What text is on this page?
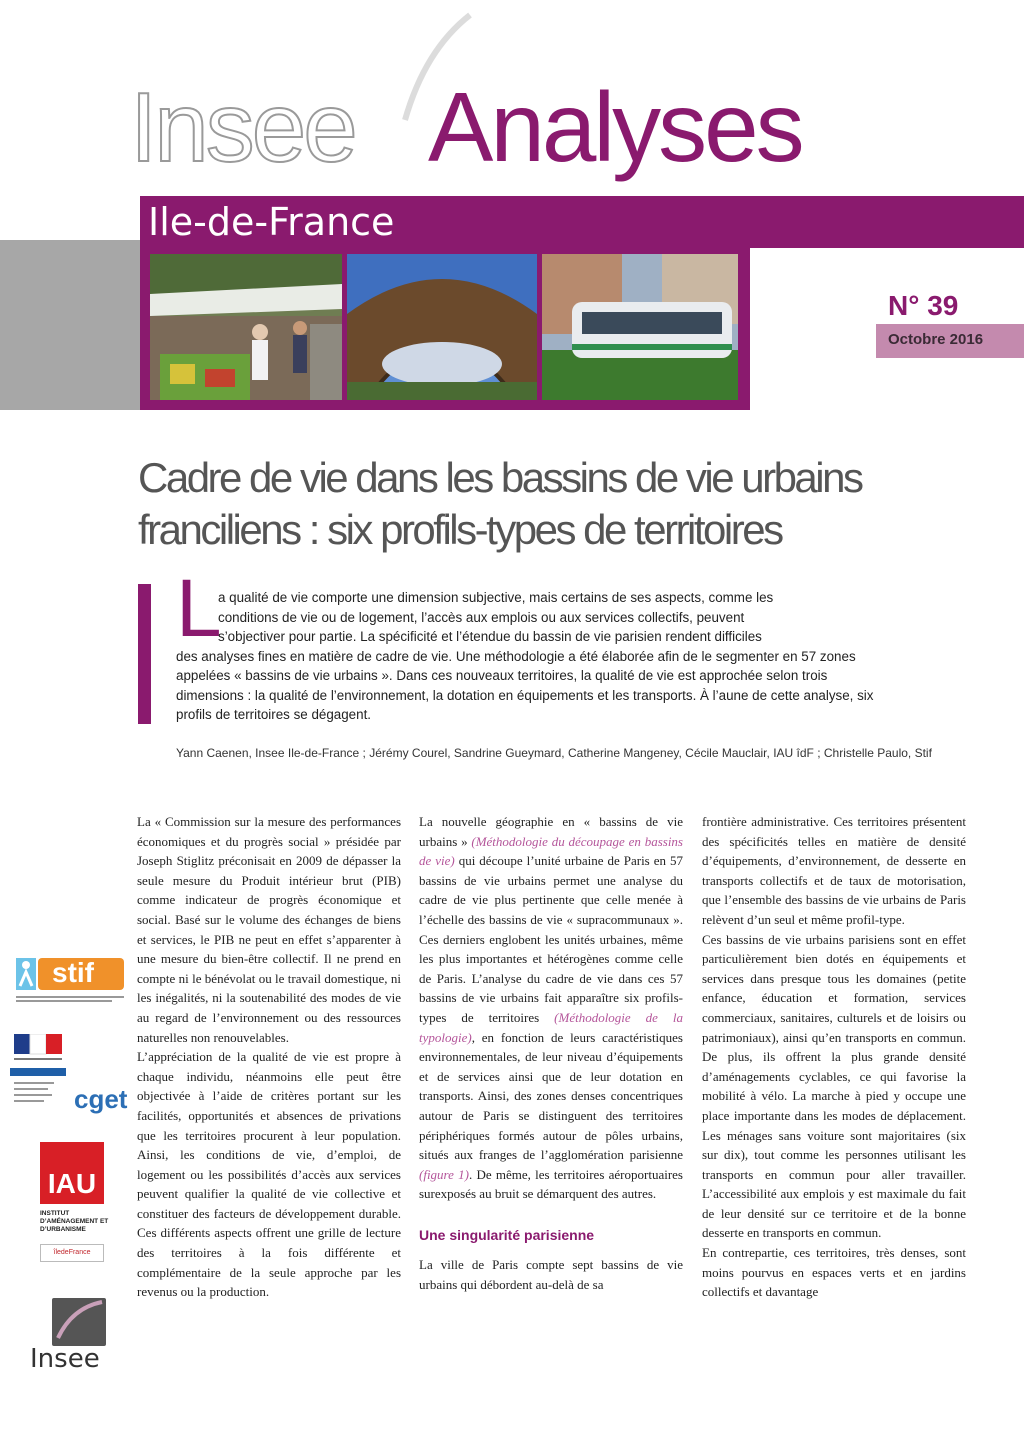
Insee Analyses
Ile-de-France
N° 39
Octobre 2016
Cadre de vie dans les bassins de vie urbains franciliens : six profils-types de territoires
L
a qualité de vie comporte une dimension subjective, mais certains de ses aspects, comme les
conditions de vie ou de logement, l’accès aux emplois ou aux services collectifs, peuvent
s’objectiver pour partie. La spécificité et l’étendue du bassin de vie parisien rendent difficiles
des analyses fines en matière de cadre de vie. Une méthodologie a été élaborée afin de le segmenter en 57 zones appelées « bassins de vie urbains ». Dans ces nouveaux territoires, la qualité de vie est approchée selon trois dimensions : la qualité de l’environnement, la dotation en équipements et les transports. À l’aune de cette analyse, six profils de territoires se dégagent.
Yann Caenen, Insee Ile-de-France ; Jérémy Courel, Sandrine Gueymard, Catherine Mangeney, Cécile Mauclair, IAU îdF ; Christelle Paulo, Stif

La « Commission sur la mesure des performances économiques et du progrès social » présidée par Joseph Stiglitz préconisait en 2009 de dépasser la seule mesure du Produit intérieur brut (PIB) comme indicateur de progrès économique et social. Basé sur le volume des échanges de biens et services, le PIB ne peut en effet s’apparenter à une mesure du bien-être collectif. Il ne prend en compte ni le bénévolat ou le travail domestique, ni les inégalités, ni la soutenabilité des modes de vie au regard de l’environnement ou des ressources naturelles non renouvelables.

L’appréciation de la qualité de vie est propre à chaque individu, néanmoins elle peut être objectivée à l’aide de critères portant sur les facilités, opportunités et absences de privations que les territoires procurent à leur population. Ainsi, les conditions de vie, d’emploi, de logement ou les possibilités d’accès aux services peuvent qualifier la qualité de vie collective et constituer des facteurs de développement durable. Ces différents aspects offrent une grille de lecture des territoires à la fois différente et complémentaire de la seule approche par les revenus ou la production.

La nouvelle géographie en « bassins de vie urbains » (Méthodologie du découpage en bassins de vie) qui découpe l’unité urbaine de Paris en 57 bassins de vie urbains permet une analyse du cadre de vie plus pertinente que celle menée à l’échelle des bassins de vie « supracommunaux ». Ces derniers englobent les unités urbaines, même les plus importantes et hétérogènes comme celle de Paris. L’analyse du cadre de vie dans ces 57 bassins de vie urbains fait apparaître six profils-types de territoires (Méthodologie de la typologie), en fonction de leurs caractéristiques environnementales, de leur niveau d’équipements et de services ainsi que de leur dotation en transports. Ainsi, des zones denses concentriques autour de Paris se distinguent des territoires périphériques formés autour de pôles urbains, situés aux franges de l’agglomération parisienne (figure 1). De même, les territoires aéroportuaires surexposés au bruit se démarquent des autres.

Une singularité parisienne

La ville de Paris compte sept bassins de vie urbains qui débordent au-delà de sa

frontière administrative. Ces territoires présentent des spécificités telles en matière de densité d’équipements, d’environnement, de desserte en transports collectifs et de taux de motorisation, que l’ensemble des bassins de vie urbains de Paris relèvent d’un seul et même profil-type.

Ces bassins de vie urbains parisiens sont en effet particulièrement bien dotés en équipements et services dans presque tous les domaines (petite enfance, éducation et formation, services commerciaux, sanitaires, culturels et de loisirs ou patrimoniaux), ainsi qu’en transports en commun. De plus, ils offrent la plus grande densité d’aménagements cyclables, ce qui favorise la mobilité à vélo. La marche à pied y occupe une place importante dans les modes de déplacement. Les ménages sans voiture sont majoritaires (six sur dix), tout comme les personnes utilisant les transports en commun pour aller travailler. L’accessibilité aux emplois y est maximale du fait de leur densité sur ce territoire et de la bonne desserte en transports en commun.

En contrepartie, ces territoires, très denses, sont moins pourvus en espaces verts et en jardins collectifs et davantage

stif
cget
IAU
INSTITUT D’AMÉNAGEMENT ET D’URBANISME
îledeFrance
Insee
